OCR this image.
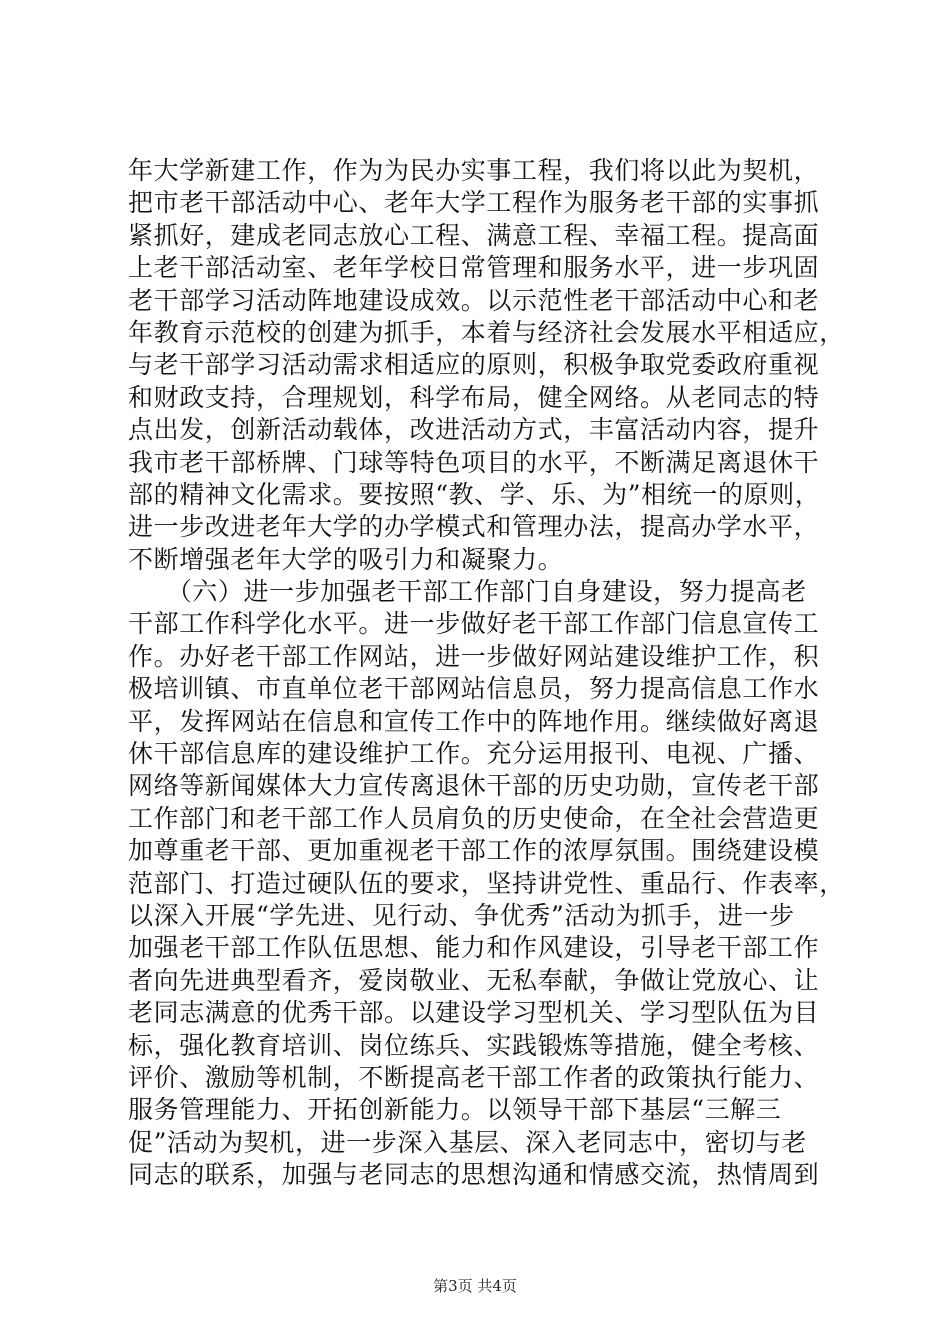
年大学新建工作，作为为民办实事工程，我们将以此为契机，
把市老干部活动中心、老年大学工程作为服务老干部的实事抓
紧抓好，建成老同志放心工程、满意工程、幸福工程。提高面
上老干部活动室、老年学校日常管理和服务水平，进一步巩固
老干部学习活动阵地建设成效。以示范性老干部活动中心和老
年教育示范校的创建为抓手，本着与经济社会发展水平相适应，
与老干部学习活动需求相适应的原则，积极争取党委政府重视
和财政支持，合理规划，科学布局，健全网络。从老同志的特
点出发，创新活动载体，改进活动方式，丰富活动内容，提升
我市老干部桥牌、门球等特色项目的水平，不断满足离退休干
部的精神文化需求。要按照“教、学、乐、为”相统一的原则，
进一步改进老年大学的办学模式和管理办法，提高办学水平，
不断增强老年大学的吸引力和凝聚力。
　　（六）进一步加强老干部工作部门自身建设，努力提高老
干部工作科学化水平。进一步做好老干部工作部门信息宣传工
作。办好老干部工作网站，进一步做好网站建设维护工作，积
极培训镇、市直单位老干部网站信息员，努力提高信息工作水
平，发挥网站在信息和宣传工作中的阵地作用。继续做好离退
休干部信息库的建设维护工作。充分运用报刊、电视、广播、
网络等新闻媒体大力宣传离退休干部的历史功勋，宣传老干部
工作部门和老干部工作人员肩负的历史使命，在全社会营造更
加尊重老干部、更加重视老干部工作的浓厚氛围。围绕建设模
范部门、打造过硬队伍的要求，坚持讲党性、重品行、作表率，
以深入开展“学先进、见行动、争优秀”活动为抓手，进一步
加强老干部工作队伍思想、能力和作风建设，引导老干部工作
者向先进典型看齐，爱岗敬业、无私奉献，争做让党放心、让
老同志满意的优秀干部。以建设学习型机关、学习型队伍为目
标，强化教育培训、岗位练兵、实践锻炼等措施，健全考核、
评价、激励等机制，不断提高老干部工作者的政策执行能力、
服务管理能力、开拓创新能力。以领导干部下基层“三解三
促”活动为契机，进一步深入基层、深入老同志中，密切与老
同志的联系，加强与老同志的思想沟通和情感交流，热情周到
第3页 共4页
